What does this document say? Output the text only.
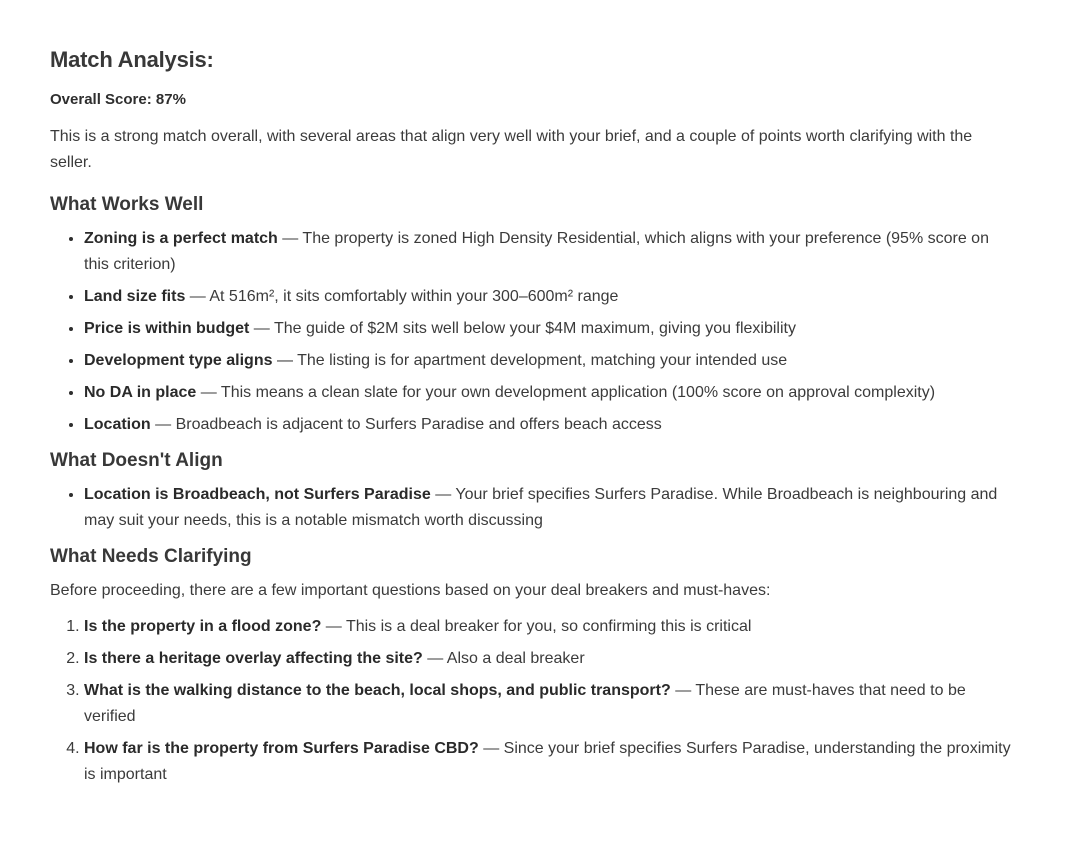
Match Analysis:
Overall Score: 87%

This is a strong match overall, with several areas that align very well with your brief, and a couple of points worth clarifying with the seller.

What Works Well
• Zoning is a perfect match — The property is zoned High Density Residential, which aligns with your preference (95% score on this criterion)
• Land size fits — At 516m², it sits comfortably within your 300–600m² range
• Price is within budget — The guide of $2M sits well below your $4M maximum, giving you flexibility
• Development type aligns — The listing is for apartment development, matching your intended use
• No DA in place — This means a clean slate for your own development application (100% score on approval complexity)
• Location — Broadbeach is adjacent to Surfers Paradise and offers beach access
What Doesn't Align
• Location is Broadbeach, not Surfers Paradise — Your brief specifies Surfers Paradise. While Broadbeach is neighbouring and may suit your needs, this is a notable mismatch worth discussing
What Needs Clarifying

Before proceeding, there are a few important questions based on your deal breakers and must-haves:

1. Is the property in a flood zone? — This is a deal breaker for you, so confirming this is critical
2. Is there a heritage overlay affecting the site? — Also a deal breaker
3. What is the walking distance to the beach, local shops, and public transport? — These are must-haves that need to be verified
4. How far is the property from Surfers Paradise CBD? — Since your brief specifies Surfers Paradise, understanding the proximity is important
